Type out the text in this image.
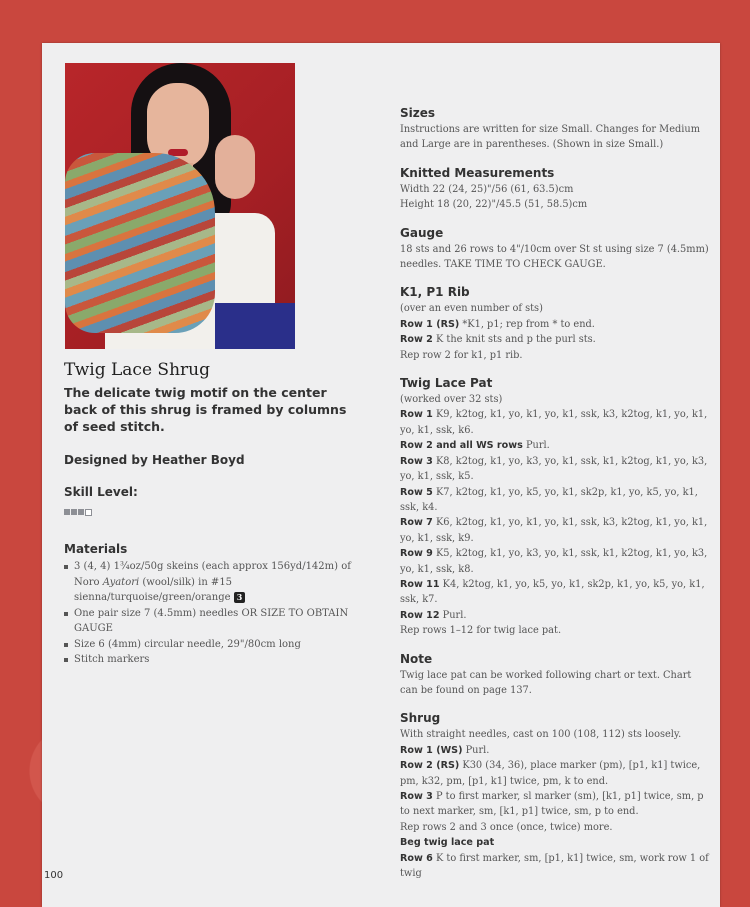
Twig Lace Shrug

The delicate twig motif on the center back of this shrug is framed by columns of seed stitch.

Designed by Heather Boyd
Skill Level:
Materials
3 (4, 4) 1¾oz/50g skeins (each approx 156yd/142m) of Noro Ayatori (wool/silk) in #15 sienna/turquoise/green/orange 3
One pair size 7 (4.5mm) needles OR SIZE TO OBTAIN GAUGE
Size 6 (4mm) circular needle, 29"/80cm long
Stitch markers
Sizes

Instructions are written for size Small. Changes for Medium and Large are in parentheses. (Shown in size Small.)

Knitted Measurements

Width 22 (24, 25)"/56 (61, 63.5)cm

Height 18 (20, 22)"/45.5 (51, 58.5)cm

Gauge

18 sts and 26 rows to 4"/10cm over St st using size 7 (4.5mm) needles. TAKE TIME TO CHECK GAUGE.

K1, P1 Rib

(over an even number of sts)

Row 1 (RS) *K1, p1; rep from * to end.

Row 2 K the knit sts and p the purl sts.

Rep row 2 for k1, p1 rib.

Twig Lace Pat

(worked over 32 sts)

Row 1 K9, k2tog, k1, yo, k1, yo, k1, ssk, k3, k2tog, k1, yo, k1, yo, k1, ssk, k6.

Row 2 and all WS rows Purl.

Row 3 K8, k2tog, k1, yo, k3, yo, k1, ssk, k1, k2tog, k1, yo, k3, yo, k1, ssk, k5.

Row 5 K7, k2tog, k1, yo, k5, yo, k1, sk2p, k1, yo, k5, yo, k1, ssk, k4.

Row 7 K6, k2tog, k1, yo, k1, yo, k1, ssk, k3, k2tog, k1, yo, k1, yo, k1, ssk, k9.

Row 9 K5, k2tog, k1, yo, k3, yo, k1, ssk, k1, k2tog, k1, yo, k3, yo, k1, ssk, k8.

Row 11 K4, k2tog, k1, yo, k5, yo, k1, sk2p, k1, yo, k5, yo, k1, ssk, k7.

Row 12 Purl.

Rep rows 1–12 for twig lace pat.

Note

Twig lace pat can be worked following chart or text. Chart can be found on page 137.

Shrug

With straight needles, cast on 100 (108, 112) sts loosely.

Row 1 (WS) Purl.

Row 2 (RS) K30 (34, 36), place marker (pm), [p1, k1] twice, pm, k32, pm, [p1, k1] twice, pm, k to end.

Row 3 P to first marker, sl marker (sm), [k1, p1] twice, sm, p to next marker, sm, [k1, p1] twice, sm, p to end.

Rep rows 2 and 3 once (once, twice) more.

Beg twig lace pat

Row 6 K to first marker, sm, [p1, k1] twice, sm, work row 1 of twig

100
